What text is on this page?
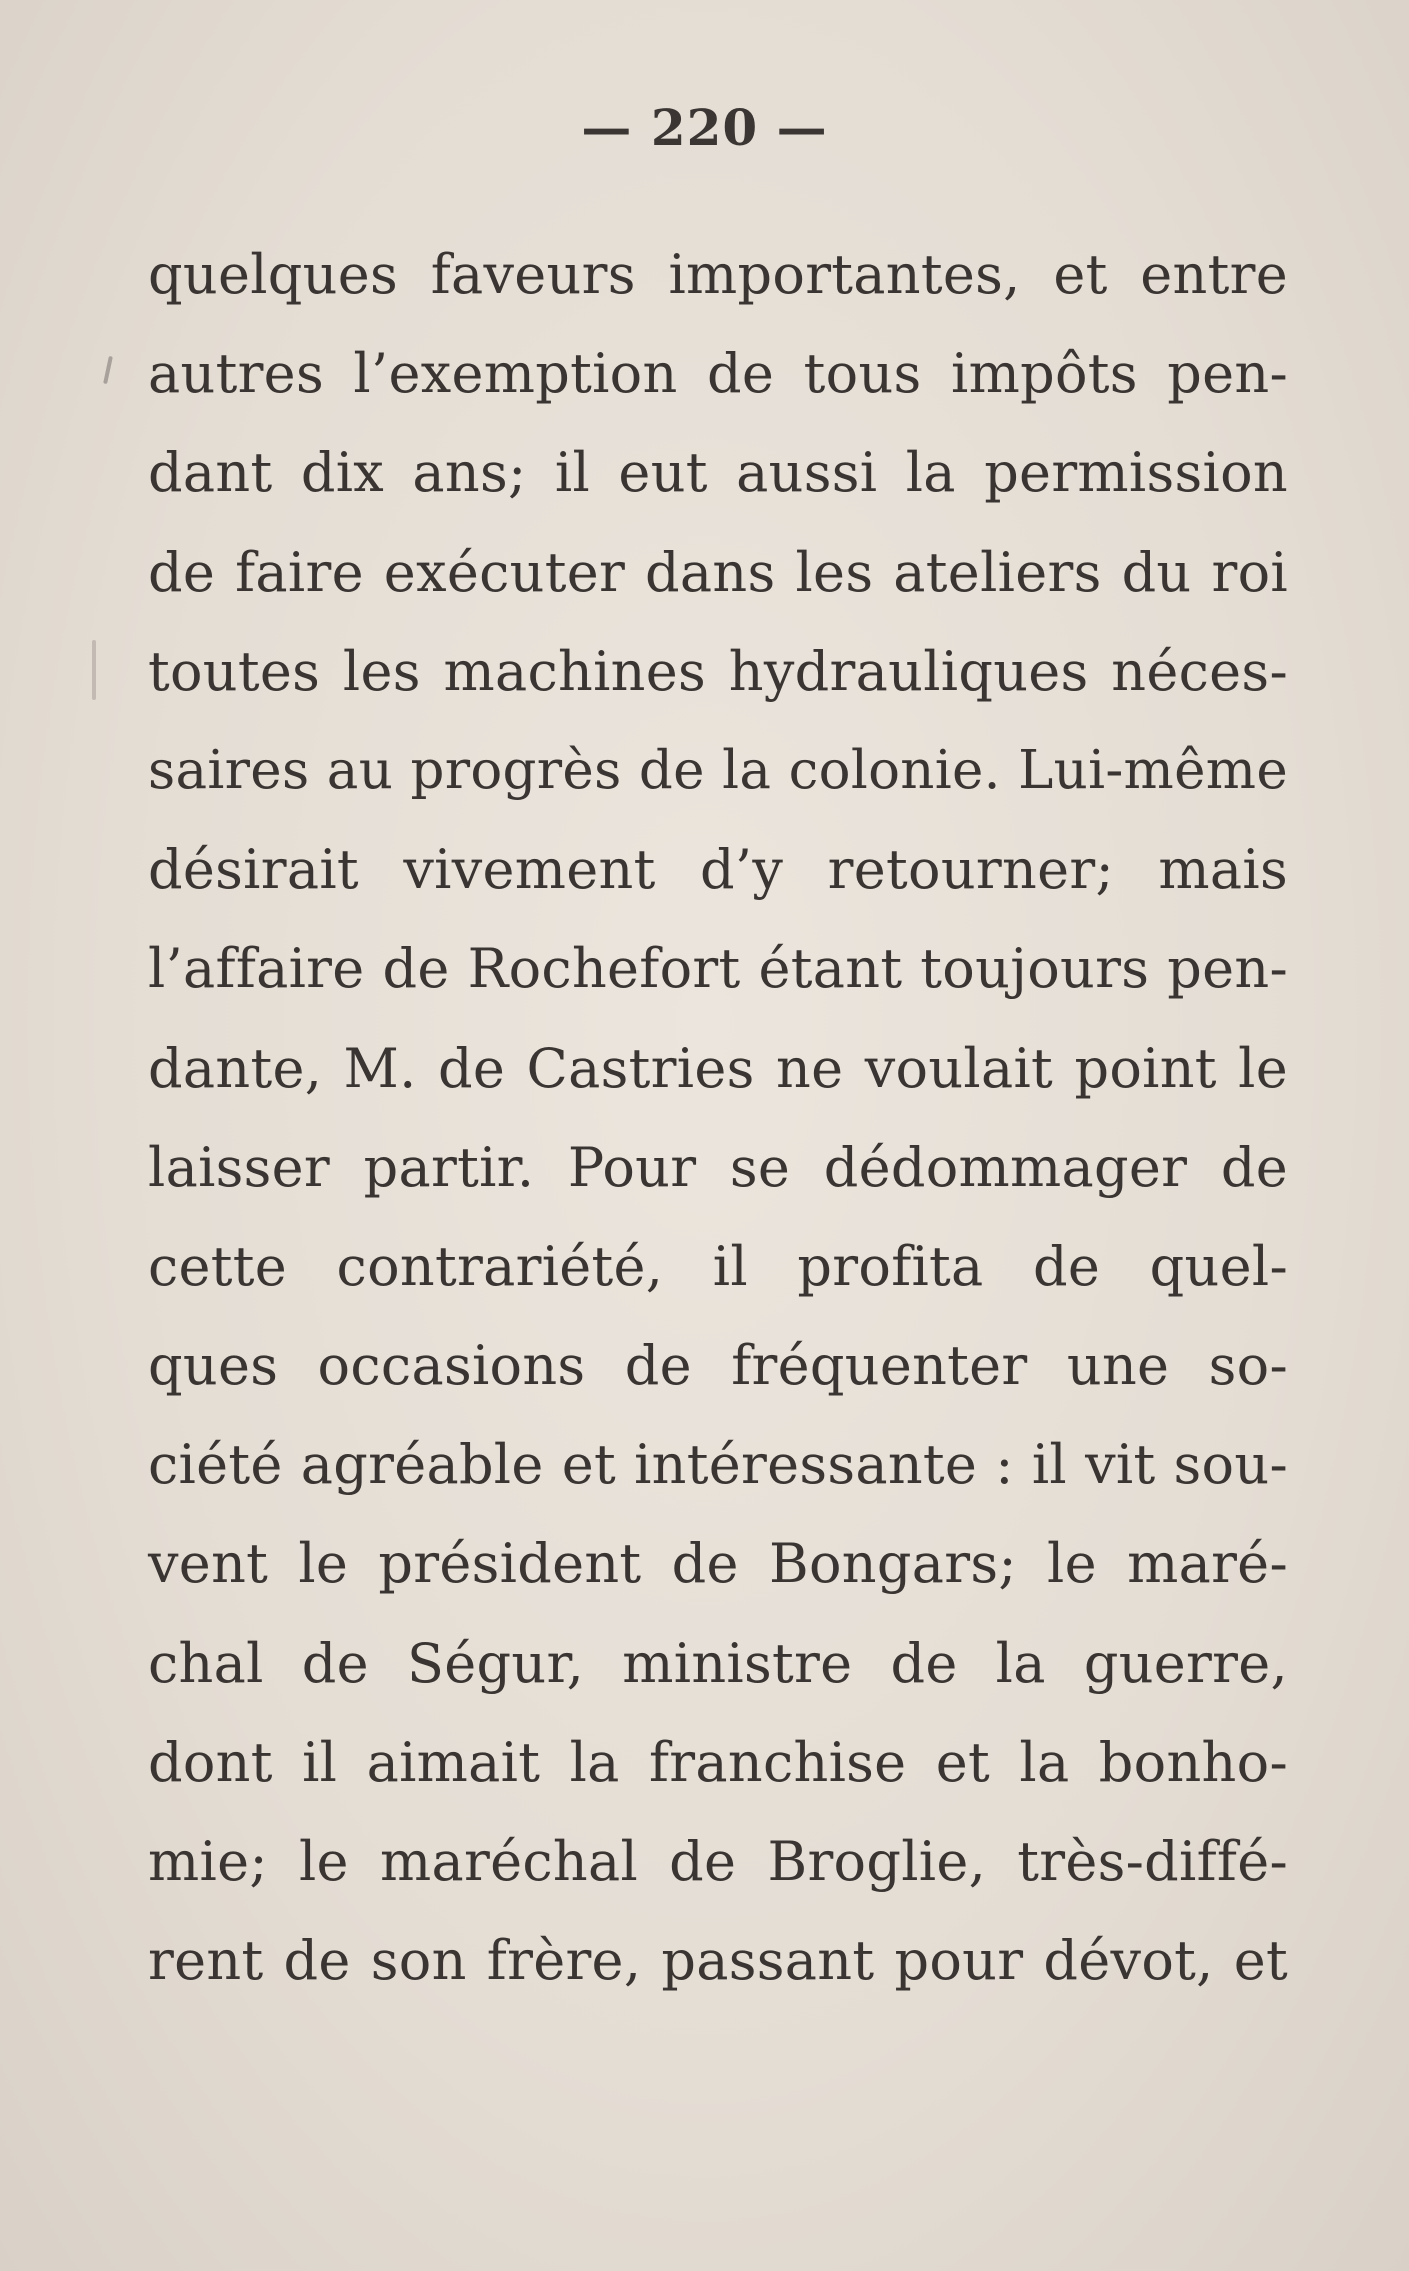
— 220 —
quelques faveurs importantes, et entre
autres l’exemption de tous impôts pen-
dant dix ans; il eut aussi la permission
de faire exécuter dans les ateliers du roi
toutes les machines hydrauliques néces-
saires au progrès de la colonie. Lui-même
désirait vivement d’y retourner; mais
l’affaire de Rochefort étant toujours pen-
dante, M. de Castries ne voulait point le
laisser partir. Pour se dédommager de
cette contrariété, il profita de quel-
ques occasions de fréquenter une so-
ciété agréable et intéressante : il vit sou-
vent le président de Bongars; le maré-
chal de Ségur, ministre de la guerre,
dont il aimait la franchise et la bonho-
mie; le maréchal de Broglie, très-diffé-
rent de son frère, passant pour dévot, et
